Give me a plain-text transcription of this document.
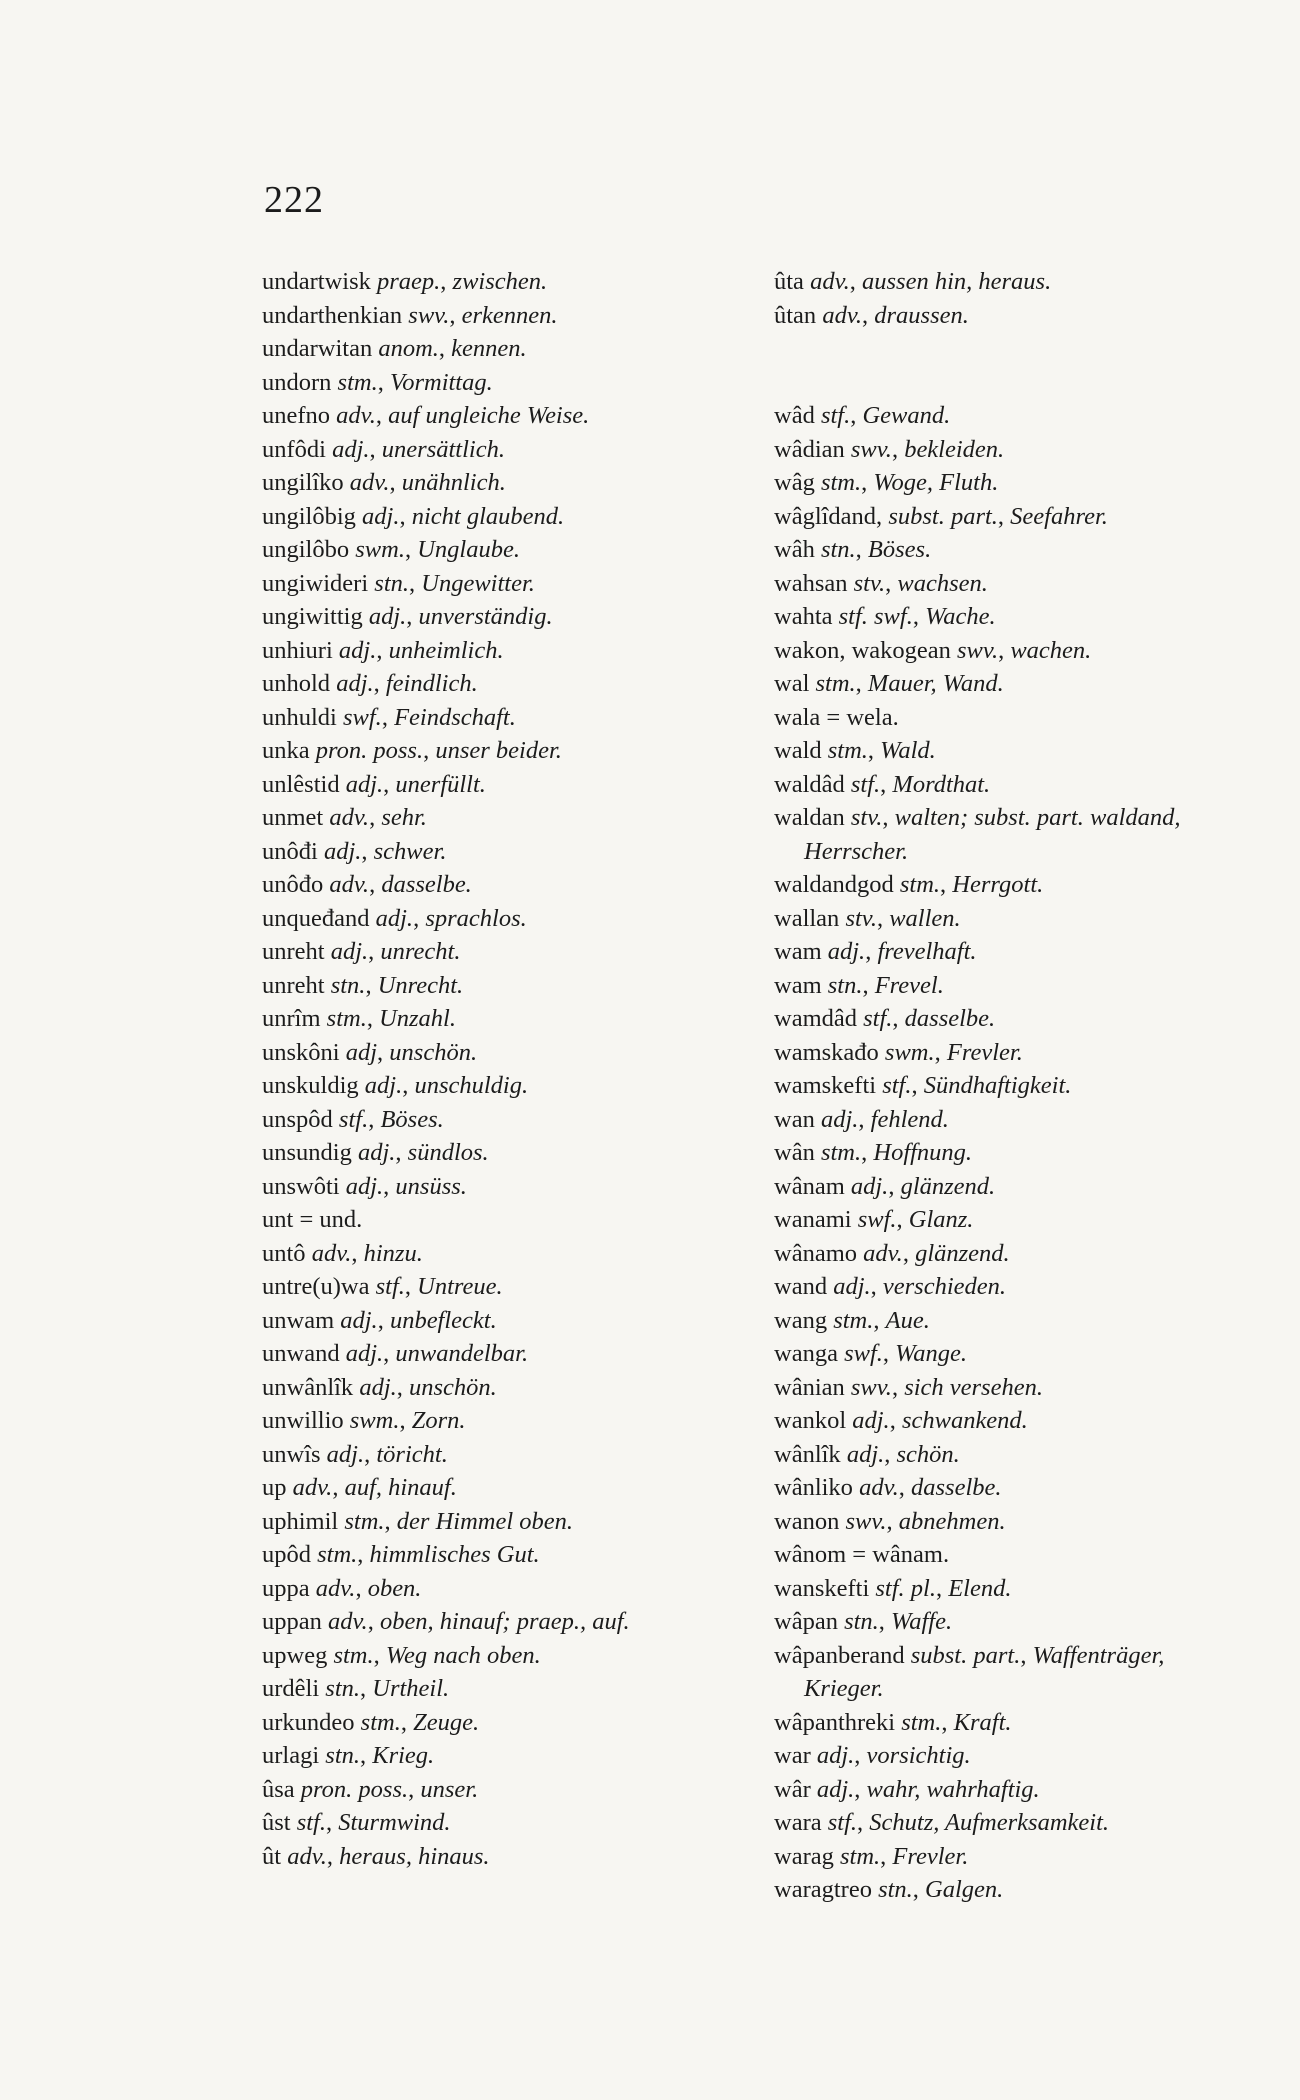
222
undartwisk praep., zwischen.
undarthenkian swv., erkennen.
undarwitan anom., kennen.
undorn stm., Vormittag.
unefno adv., auf ungleiche Weise.
unfôdi adj., unersättlich.
ungilîko adv., unähnlich.
ungilôbig adj., nicht glaubend.
ungilôbo swm., Unglaube.
ungiwideri stn., Ungewitter.
ungiwittig adj., unverständig.
unhiuri adj., unheimlich.
unhold adj., feindlich.
unhuldi swf., Feindschaft.
unka pron. poss., unser beider.
unlêstid adj., unerfüllt.
unmet adv., sehr.
unôđi adj., schwer.
unôđo adv., dasselbe.
unqueđand adj., sprachlos.
unreht adj., unrecht.
unreht stn., Unrecht.
unrîm stm., Unzahl.
unskôni adj, unschön.
unskuldig adj., unschuldig.
unspôd stf., Böses.
unsundig adj., sündlos.
unswôti adj., unsüss.
unt = und.
untô adv., hinzu.
untre(u)wa stf., Untreue.
unwam adj., unbefleckt.
unwand adj., unwandelbar.
unwânlîk adj., unschön.
unwillio swm., Zorn.
unwîs adj., töricht.
up adv., auf, hinauf.
uphimil stm., der Himmel oben.
upôd stm., himmlisches Gut.
uppa adv., oben.
uppan adv., oben, hinauf; praep., auf.
upweg stm., Weg nach oben.
urdêli stn., Urtheil.
urkundeo stm., Zeuge.
urlagi stn., Krieg.
ûsa pron. poss., unser.
ûst stf., Sturmwind.
ût adv., heraus, hinaus.
ûta adv., aussen hin, heraus.
ûtan adv., draussen.

wâd stf., Gewand.
wâdian swv., bekleiden.
wâg stm., Woge, Fluth.
wâglîdand, subst. part., Seefahrer.
wâh stn., Böses.
wahsan stv., wachsen.
wahta stf. swf., Wache.
wakon, wakogean swv., wachen.
wal stm., Mauer, Wand.
wala = wela.
wald stm., Wald.
waldâd stf., Mordthat.
waldan stv., walten; subst. part. waldand, Herrscher.
waldandgod stm., Herrgott.
wallan stv., wallen.
wam adj., frevelhaft.
wam stn., Frevel.
wamdâd stf., dasselbe.
wamskađo swm., Frevler.
wamskefti stf., Sündhaftigkeit.
wan adj., fehlend.
wân stm., Hoffnung.
wânam adj., glänzend.
wanami swf., Glanz.
wânamo adv., glänzend.
wand adj., verschieden.
wang stm., Aue.
wanga swf., Wange.
wânian swv., sich versehen.
wankol adj., schwankend.
wânlîk adj., schön.
wânliko adv., dasselbe.
wanon swv., abnehmen.
wânom = wânam.
wanskefti stf. pl., Elend.
wâpan stn., Waffe.
wâpanberand subst. part., Waffenträger, Krieger.
wâpanthreki stm., Kraft.
war adj., vorsichtig.
wâr adj., wahr, wahrhaftig.
wara stf., Schutz, Aufmerksamkeit.
warag stm., Frevler.
waragtreo stn., Galgen.
